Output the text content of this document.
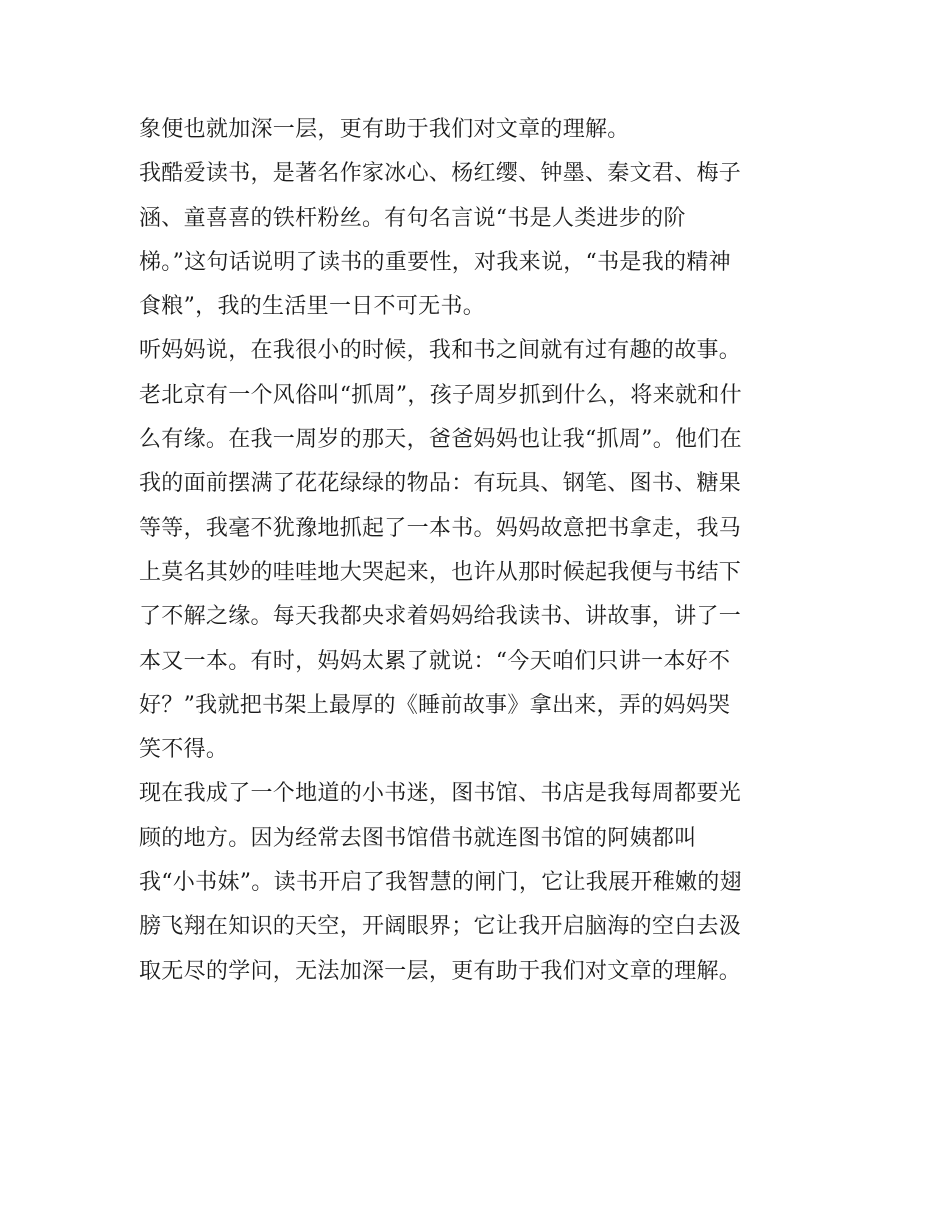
象便也就加深一层，更有助于我们对文章的理解。
我酷爱读书，是著名作家冰心、杨红缨、钟墨、秦文君、梅子
涵、童喜喜的铁杆粉丝。有句名言说“书是人类进步的阶
梯。”这句话说明了读书的重要性，对我来说，“书是我的精神
食粮”，我的生活里一日不可无书。
听妈妈说，在我很小的时候，我和书之间就有过有趣的故事。
老北京有一个风俗叫“抓周”，孩子周岁抓到什么，将来就和什
么有缘。在我一周岁的那天，爸爸妈妈也让我“抓周”。他们在
我的面前摆满了花花绿绿的物品：有玩具、钢笔、图书、糖果
等等，我毫不犹豫地抓起了一本书。妈妈故意把书拿走，我马
上莫名其妙的哇哇地大哭起来，也许从那时候起我便与书结下
了不解之缘。每天我都央求着妈妈给我读书、讲故事，讲了一
本又一本。有时，妈妈太累了就说：“今天咱们只讲一本好不
好？”我就把书架上最厚的《睡前故事》拿出来，弄的妈妈哭
笑不得。
现在我成了一个地道的小书迷，图书馆、书店是我每周都要光
顾的地方。因为经常去图书馆借书就连图书馆的阿姨都叫
我“小书妹”。读书开启了我智慧的闸门，它让我展开稚嫩的翅
膀飞翔在知识的天空，开阔眼界；它让我开启脑海的空白去汲
取无尽的学问，无法加深一层，更有助于我们对文章的理解。
